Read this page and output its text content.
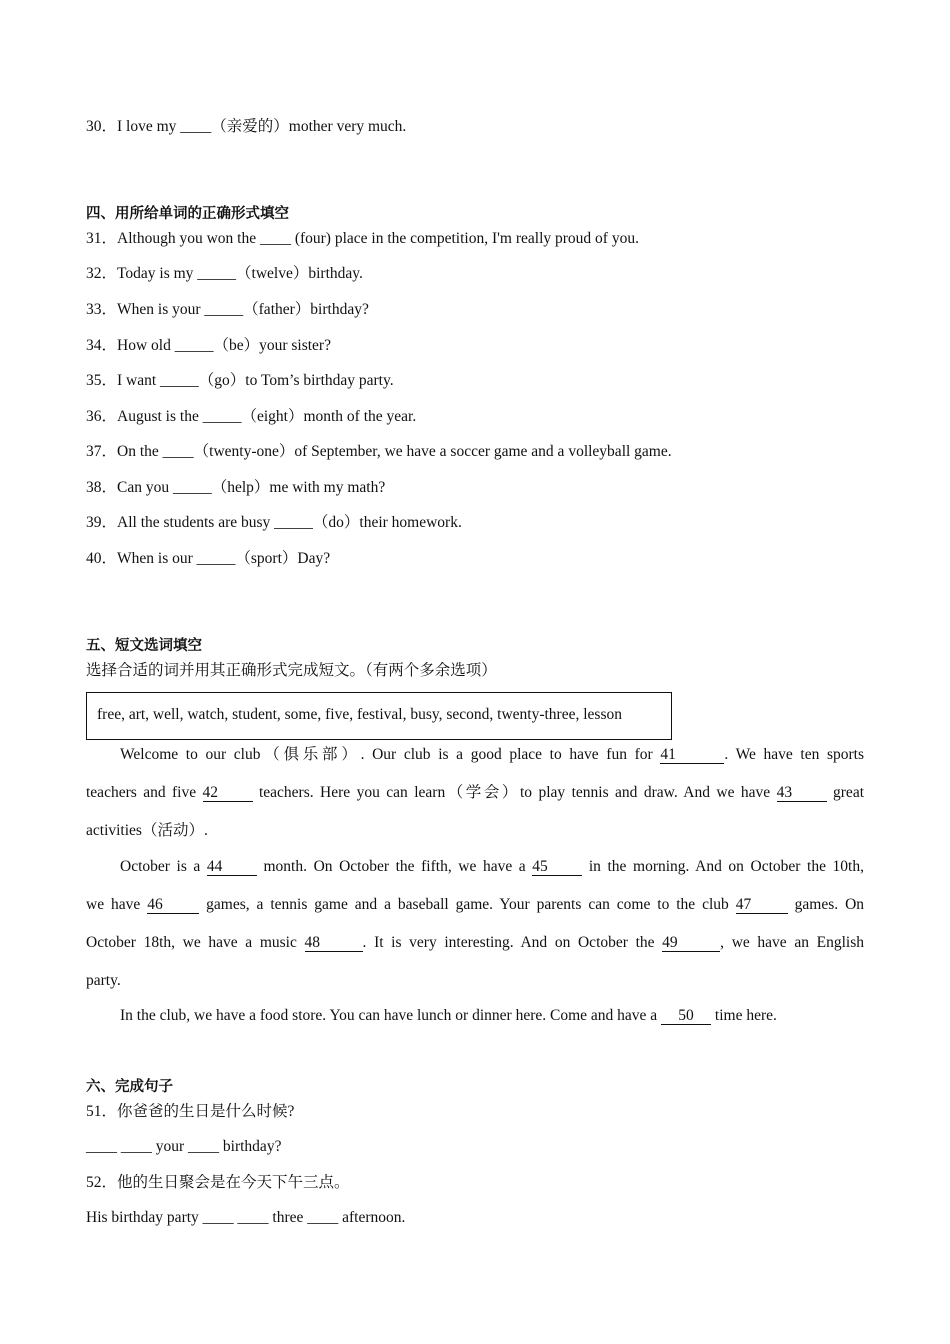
30．I love my ____（亲爱的）mother very much.
四、用所给单词的正确形式填空
31．Although you won the ____ (four) place in the competition, I'm really proud of you.
32．Today is my _____（twelve）birthday.
33．When is your _____（father）birthday?
34．How old _____（be）your sister?
35．I want _____（go）to Tom’s birthday party.
36．August is the _____（eight）month of the year.
37．On the ____（twenty-one）of September, we have a soccer game and a volleyball game.
38．Can you _____（help）me with my math?
39．All the students are busy _____（do）their homework.
40．When is our _____（sport）Day?
五、短文选词填空
选择合适的词并用其正确形式完成短文。（有两个多余选项）
free, art, well, watch, student, some, five, festival, busy, second, twenty-three, lesson
Welcome to our club（俱乐部）. Our club is a good place to have fun for 41	. We have ten sports
teachers and five 42 teachers. Here you can learn（学会）to play tennis and draw. And we have 43 great
activities（活动）.
October is a 44 month. On October the fifth, we have a 45 in the morning. And on October the 10th,
we have 46 games, a tennis game and a baseball game. Your parents can come to the club 47 games. On
October 18th, we have a music 48	. It is very interesting. And on October the 49	, we have an English
party.
In the club, we have a food store. You can have lunch or dinner here. Come and have a 50 time here.
六、完成句子
51．你爸爸的生日是什么时候?
____ ____ your ____ birthday?
52．他的生日聚会是在今天下午三点。
His birthday party ____ ____ three ____ afternoon.
